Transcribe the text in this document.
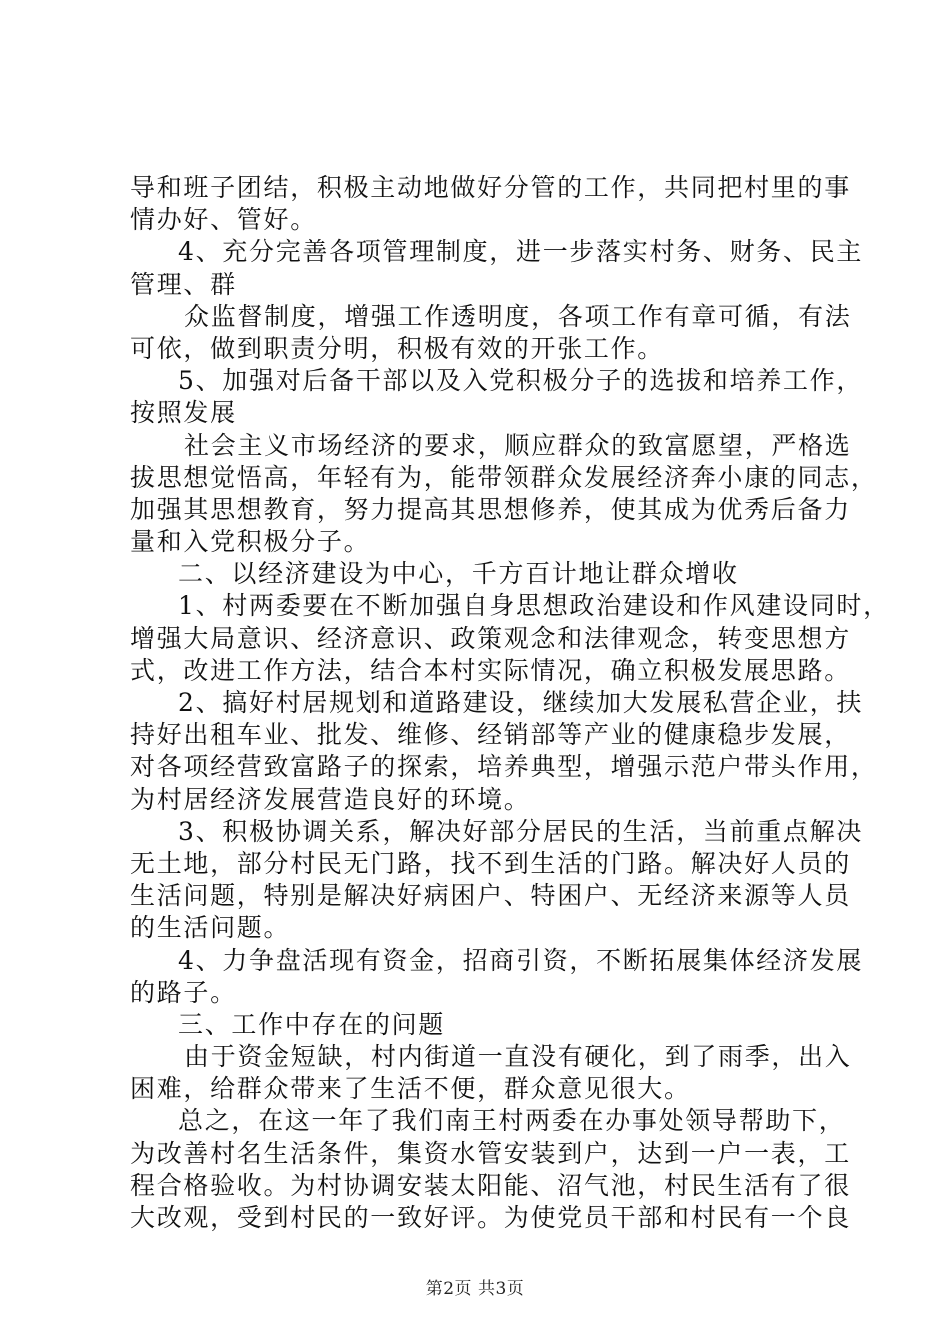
导和班子团结，积极主动地做好分管的工作，共同把村里的事
情办好、管好。
4、充分完善各项管理制度，进一步落实村务、财务、民主
管理、群
众监督制度，增强工作透明度，各项工作有章可循，有法
可依，做到职责分明，积极有效的开张工作。
5、加强对后备干部以及入党积极分子的选拔和培养工作，
按照发展
社会主义市场经济的要求，顺应群众的致富愿望，严格选
拔思想觉悟高，年轻有为，能带领群众发展经济奔小康的同志，
加强其思想教育，努力提高其思想修养，使其成为优秀后备力
量和入党积极分子。
二、以经济建设为中心，千方百计地让群众增收
1、村两委要在不断加强自身思想政治建设和作风建设同时，
增强大局意识、经济意识、政策观念和法律观念，转变思想方
式，改进工作方法，结合本村实际情况，确立积极发展思路。
2、搞好村居规划和道路建设，继续加大发展私营企业，扶
持好出租车业、批发、维修、经销部等产业的健康稳步发展，
对各项经营致富路子的探索，培养典型，增强示范户带头作用，
为村居经济发展营造良好的环境。
3、积极协调关系，解决好部分居民的生活，当前重点解决
无土地，部分村民无门路，找不到生活的门路。解决好人员的
生活问题，特别是解决好病困户、特困户、无经济来源等人员
的生活问题。
4、力争盘活现有资金，招商引资，不断拓展集体经济发展
的路子。
三、工作中存在的问题
由于资金短缺，村内街道一直没有硬化，到了雨季，出入
困难，给群众带来了生活不便，群众意见很大。
总之，在这一年了我们南王村两委在办事处领导帮助下，
为改善村名生活条件，集资水管安装到户，达到一户一表，工
程合格验收。为村协调安装太阳能、沼气池，村民生活有了很
大改观，受到村民的一致好评。为使党员干部和村民有一个良
第2页 共3页
